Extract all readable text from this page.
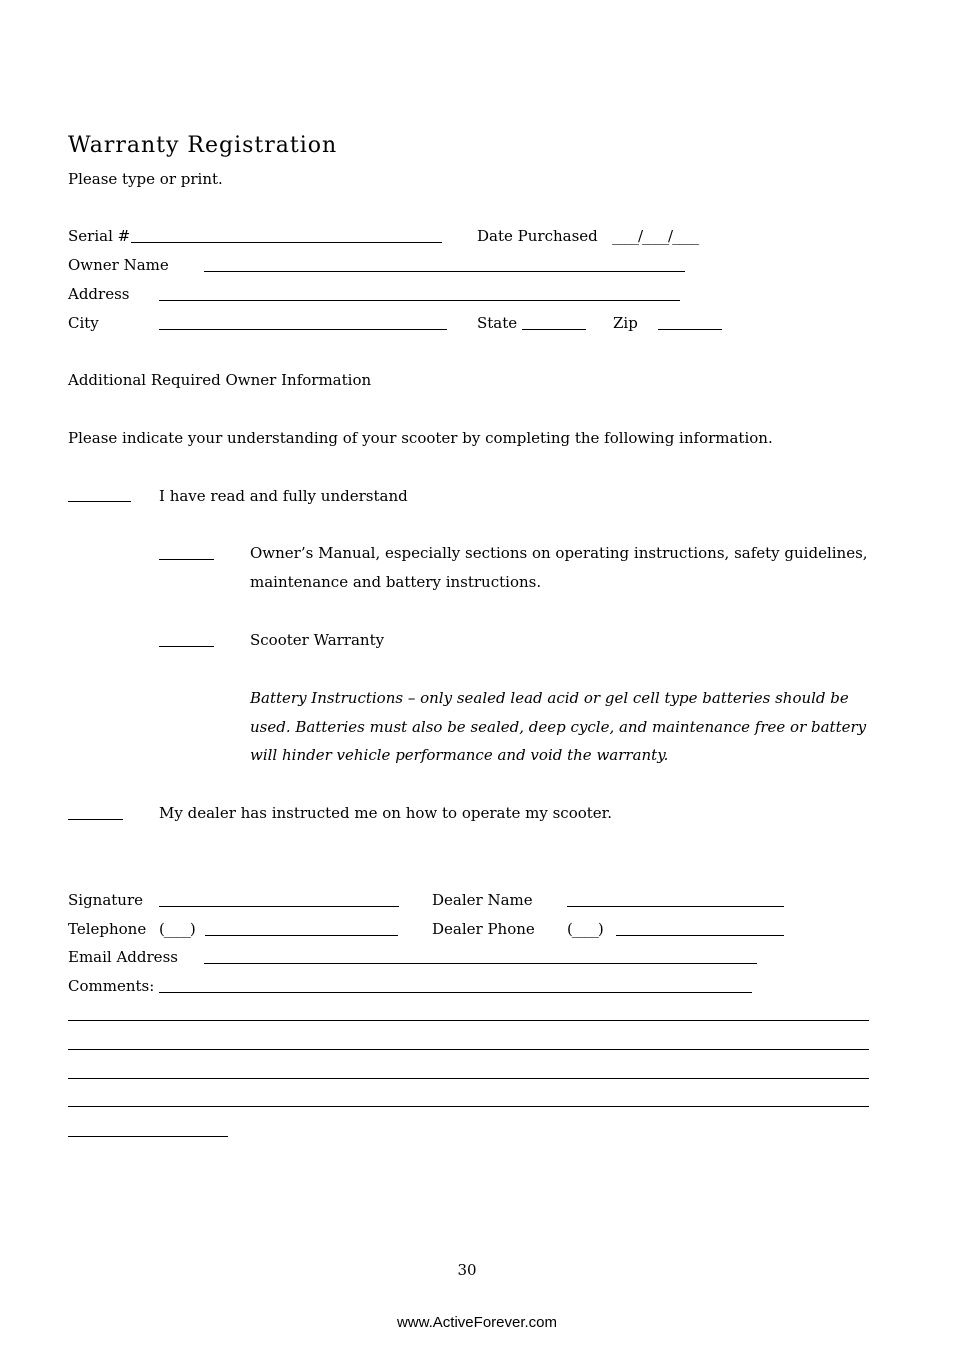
Warranty Registration
Please type or print.
Serial #	Date Purchased ____/____/____
Owner Name
Address
City	State	Zip
Additional Required Owner Information
Please indicate your understanding of your scooter by completing the following information.
I have read and fully understand
Owner’s Manual, especially sections on operating instructions, safety guidelines,
maintenance and battery instructions.
Scooter Warranty
Battery Instructions – only sealed lead acid or gel cell type batteries should be
used. Batteries must also be sealed, deep cycle, and maintenance free or battery
will hinder vehicle performance and void the warranty.
My dealer has instructed me on how to operate my scooter.
Signature	Dealer Name
Telephone (____)	Dealer Phone (____)
Email Address
Comments:
30
www.ActiveForever.com
